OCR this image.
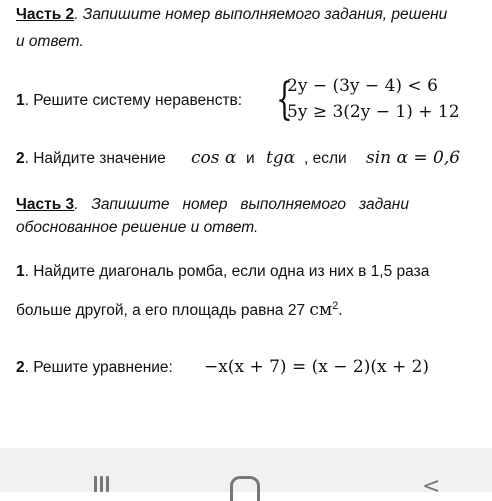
Часть 2. Запишите номер выполняемого задания, решени
и ответ.
1. Решите систему неравенств: {
2y − (3y − 4) < 6
5y ≥ 3(2y − 1) + 12
2. Найдите значение cos α и tgα , если sin α = 0,6
Часть 3.   Запишите   номер   выполняемого   задани
обоснованное решение и ответ.
1. Найдите диагональ ромба, если одна из них в 1,5 раза
больше другой, а его площадь равна 27 $см^2$.
2. Решите уравнение: −x(x + 7) = (x − 2)(x + 2)
<
